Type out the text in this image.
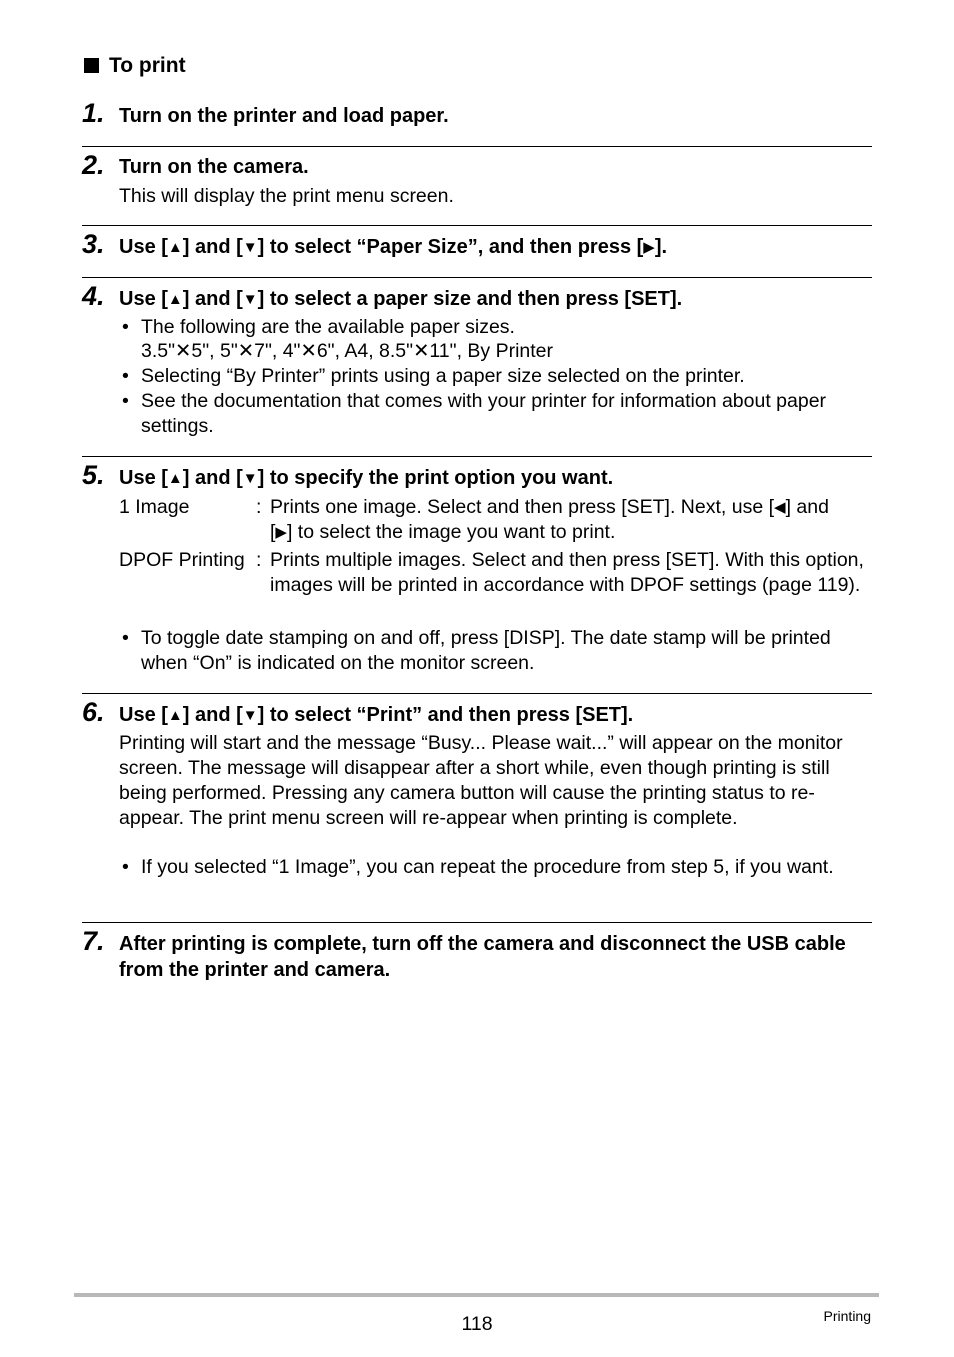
To print
1. Turn on the printer and load paper.
2. Turn on the camera.
This will display the print menu screen.
3. Use [▲] and [▼] to select “Paper Size”, and then press [▶].
4. Use [▲] and [▼] to select a paper size and then press [SET].
• The following are the available paper sizes.
3.5"✕5", 5"✕7", 4"✕6", A4, 8.5"✕11", By Printer
• Selecting “By Printer” prints using a paper size selected on the printer.
• See the documentation that comes with your printer for information about paper settings.
5. Use [▲] and [▼] to specify the print option you want.
1 Image	: Prints one image. Select and then press [SET]. Next, use [◀] and [▶] to select the image you want to print.
DPOF Printing : Prints multiple images. Select and then press [SET]. With this option, images will be printed in accordance with DPOF settings (page 119).
• To toggle date stamping on and off, press [DISP]. The date stamp will be printed when “On” is indicated on the monitor screen.
6. Use [▲] and [▼] to select “Print” and then press [SET].
Printing will start and the message “Busy... Please wait...” will appear on the monitor screen. The message will disappear after a short while, even though printing is still being performed. Pressing any camera button will cause the printing status to re-appear. The print menu screen will re-appear when printing is complete.
• If you selected “1 Image”, you can repeat the procedure from step 5, if you want.
7. After printing is complete, turn off the camera and disconnect the USB cable from the printer and camera.
118	Printing
